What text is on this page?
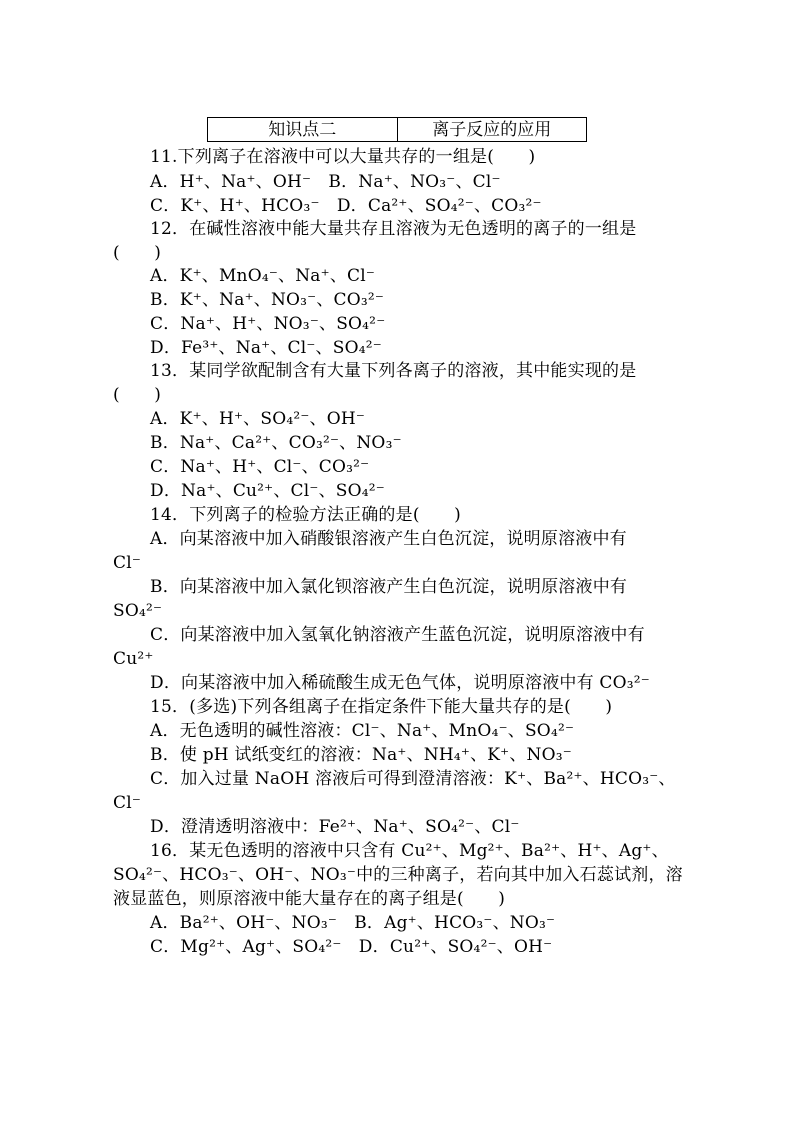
知识点二	离子反应的应用
11.下列离子在溶液中可以大量共存的一组是(　　)
A．H⁺、Na⁺、OH⁻　B．Na⁺、NO₃⁻、Cl⁻
C．K⁺、H⁺、HCO₃⁻　D．Ca²⁺、SO₄²⁻、CO₃²⁻
12．在碱性溶液中能大量共存且溶液为无色透明的离子的一组是
(　　)
A．K⁺、MnO₄⁻、Na⁺、Cl⁻
B．K⁺、Na⁺、NO₃⁻、CO₃²⁻
C．Na⁺、H⁺、NO₃⁻、SO₄²⁻
D．Fe³⁺、Na⁺、Cl⁻、SO₄²⁻
13．某同学欲配制含有大量下列各离子的溶液，其中能实现的是
(　　)
A．K⁺、H⁺、SO₄²⁻、OH⁻
B．Na⁺、Ca²⁺、CO₃²⁻、NO₃⁻
C．Na⁺、H⁺、Cl⁻、CO₃²⁻
D．Na⁺、Cu²⁺、Cl⁻、SO₄²⁻
14．下列离子的检验方法正确的是(　　)
A．向某溶液中加入硝酸银溶液产生白色沉淀，说明原溶液中有
Cl⁻
B．向某溶液中加入氯化钡溶液产生白色沉淀，说明原溶液中有
SO₄²⁻
C．向某溶液中加入氢氧化钠溶液产生蓝色沉淀，说明原溶液中有
Cu²⁺
D．向某溶液中加入稀硫酸生成无色气体，说明原溶液中有 CO₃²⁻
15．(多选)下列各组离子在指定条件下能大量共存的是(　　)
A．无色透明的碱性溶液：Cl⁻、Na⁺、MnO₄⁻、SO₄²⁻
B．使 pH 试纸变红的溶液：Na⁺、NH₄⁺、K⁺、NO₃⁻
C．加入过量 NaOH 溶液后可得到澄清溶液：K⁺、Ba²⁺、HCO₃⁻、
Cl⁻
D．澄清透明溶液中：Fe²⁺、Na⁺、SO₄²⁻、Cl⁻
16．某无色透明的溶液中只含有 Cu²⁺、Mg²⁺、Ba²⁺、H⁺、Ag⁺、
SO₄²⁻、HCO₃⁻、OH⁻、NO₃⁻中的三种离子，若向其中加入石蕊试剂，溶
液显蓝色，则原溶液中能大量存在的离子组是(　　)
A．Ba²⁺、OH⁻、NO₃⁻　B．Ag⁺、HCO₃⁻、NO₃⁻
C．Mg²⁺、Ag⁺、SO₄²⁻　D．Cu²⁺、SO₄²⁻、OH⁻
